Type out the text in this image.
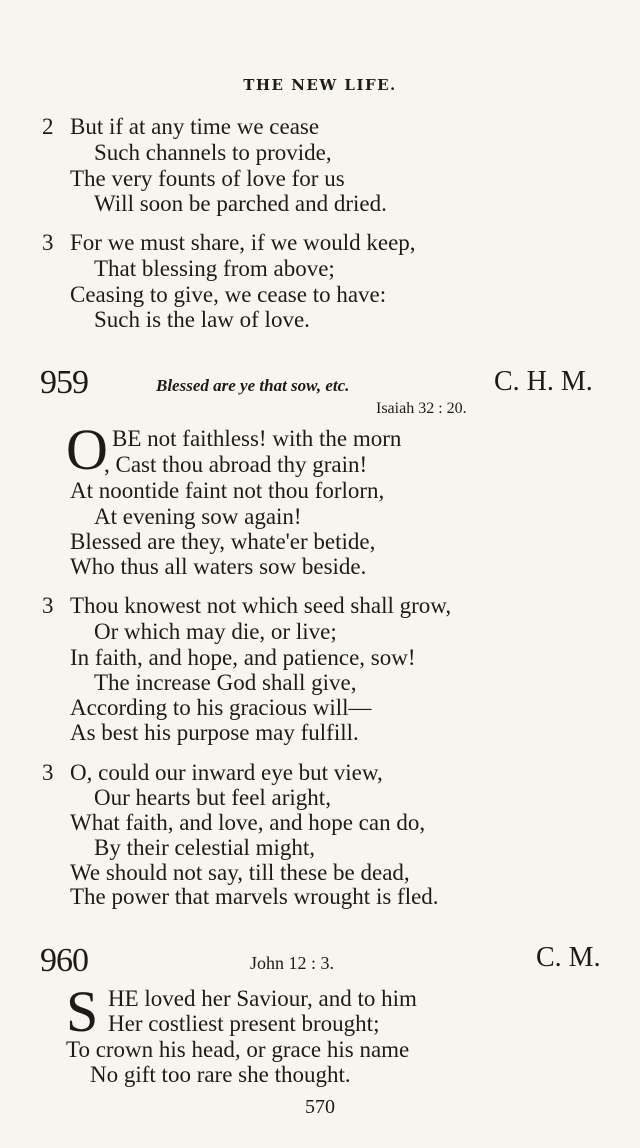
THE NEW LIFE.
2 But if at any time we cease
Such channels to provide,
The very founts of love for us
Will soon be parched and dried.
3 For we must share, if we would keep,
That blessing from above;
Ceasing to give, we cease to have:
Such is the law of love.
959	Blessed are ye that sow, etc.	C. H. M.
Isaiah 32 : 20.
O BE not faithless! with the morn
, Cast thou abroad thy grain!
At noontide faint not thou forlorn,
At evening sow again!
Blessed are they, whate'er betide,
Who thus all waters sow beside.
3 Thou knowest not which seed shall grow,
Or which may die, or live;
In faith, and hope, and patience, sow!
The increase God shall give,
According to his gracious will—
As best his purpose may fulfill.
3 O, could our inward eye but view,
Our hearts but feel aright,
What faith, and love, and hope can do,
By their celestial might,
We should not say, till these be dead,
The power that marvels wrought is fled.
960	John 12 : 3.	C. M.
S HE loved her Saviour, and to him
Her costliest present brought;
To crown his head, or grace his name
No gift too rare she thought.
570
